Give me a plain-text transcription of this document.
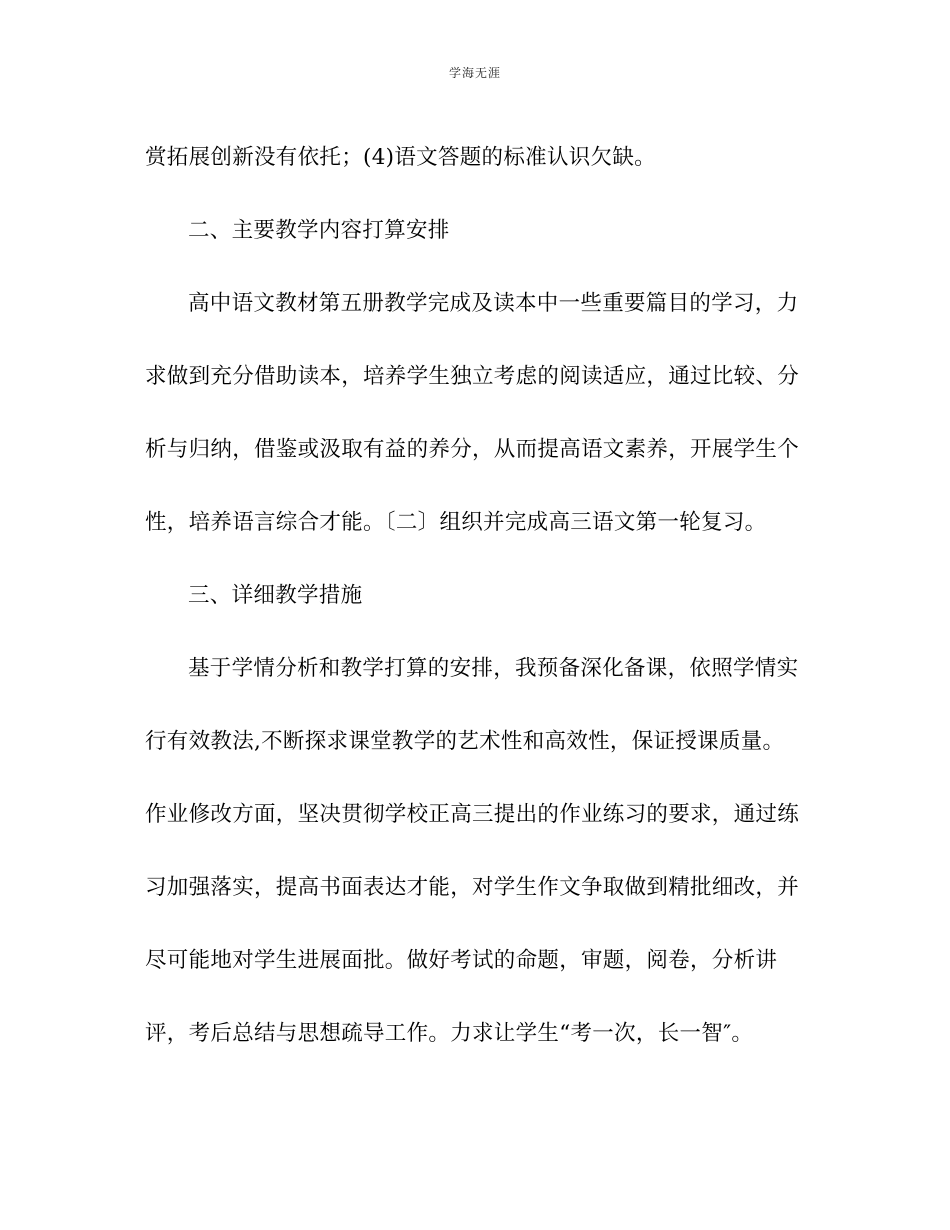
学海无涯
赏拓展创新没有依托；(4)语文答题的标准认识欠缺。
二、主要教学内容打算安排
高中语文教材第五册教学完成及读本中一些重要篇目的学习，力
求做到充分借助读本，培养学生独立考虑的阅读适应，通过比较、分
析与归纳，借鉴或汲取有益的养分，从而提高语文素养，开展学生个
性，培养语言综合才能。〔二〕组织并完成高三语文第一轮复习。
三、详细教学措施
基于学情分析和教学打算的安排，我预备深化备课，依照学情实
行有效教法,不断探求课堂教学的艺术性和高效性，保证授课质量。
作业修改方面，坚决贯彻学校正高三提出的作业练习的要求，通过练
习加强落实，提高书面表达才能，对学生作文争取做到精批细改，并
尽可能地对学生进展面批。做好考试的命题，审题，阅卷，分析讲
评，考后总结与思想疏导工作。力求让学生“考一次，长一智″。
